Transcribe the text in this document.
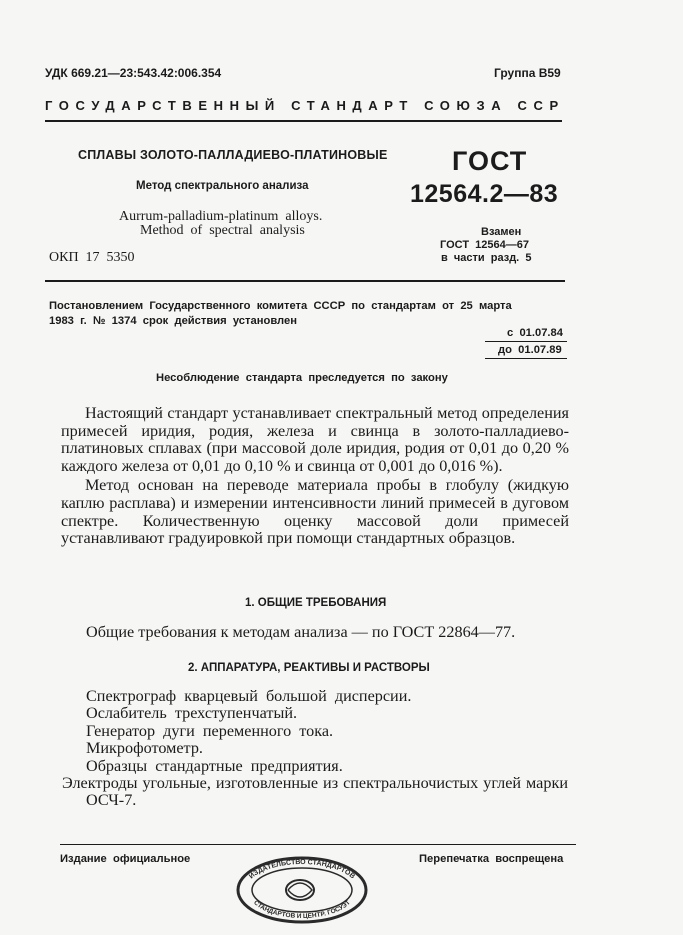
УДК 669.21—23:543.42:006.354	Группа В59
ГОСУДАРСТВЕННЫЙ СТАНДАРТ СОЮЗА ССР
СПЛАВЫ ЗОЛОТО-ПАЛЛАДИЕВО-ПЛАТИНОВЫЕ
Метод спектрального анализа
Aurrum-palladium-platinum  alloys.
Method  of  spectral  analysis
ОКП  17  5350
ГОСТ
12564.2—83
Взамен
ГОСТ  12564—67
в  части  разд.  5
Постановлением  Государственного  комитета  СССР  по  стандартам  от  25  марта
1983  г.  №  1374  срок  действия  установлен
с  01.07.84
до  01.07.89
Несоблюдение  стандарта  преследуется  по  закону

Настоящий стандарт устанавливает спектральный метод определения примесей иридия, родия, железа и свинца в золото-палладиево-платиновых сплавах (при массовой доле иридия, родия от 0,01 до 0,20 % каждого железа от 0,01 до 0,10 % и свинца от 0,001 до 0,016 %).

Метод основан на переводе материала пробы в глобулу (жидкую каплю расплава) и измерении интенсивности линий примесей в дуговом спектре. Количественную оценку массовой доли примесей устанавливают градуировкой при помощи стандартных образцов.

1. ОБЩИЕ ТРЕБОВАНИЯ
Общие требования к методам анализа — по ГОСТ 22864—77.
2. АППАРАТУРА, РЕАКТИВЫ И РАСТВОРЫ
Спектрограф  кварцевый  большой  дисперсии.
Ослабитель  трехступенчатый.
Генератор  дуги  переменного  тока.
Микрофотометр.
Образцы  стандартные  предприятия.
Электроды угольные, изготовленные из спектральночистых углей марки ОСЧ-7.
Издание  официальное	Перепечатка  воспрещена
ИЗДАТЕЛЬСТВО СТАНДАРТОВ
СТАНДАРТОВ И ЦЕНТР. ГОСУЭТ
